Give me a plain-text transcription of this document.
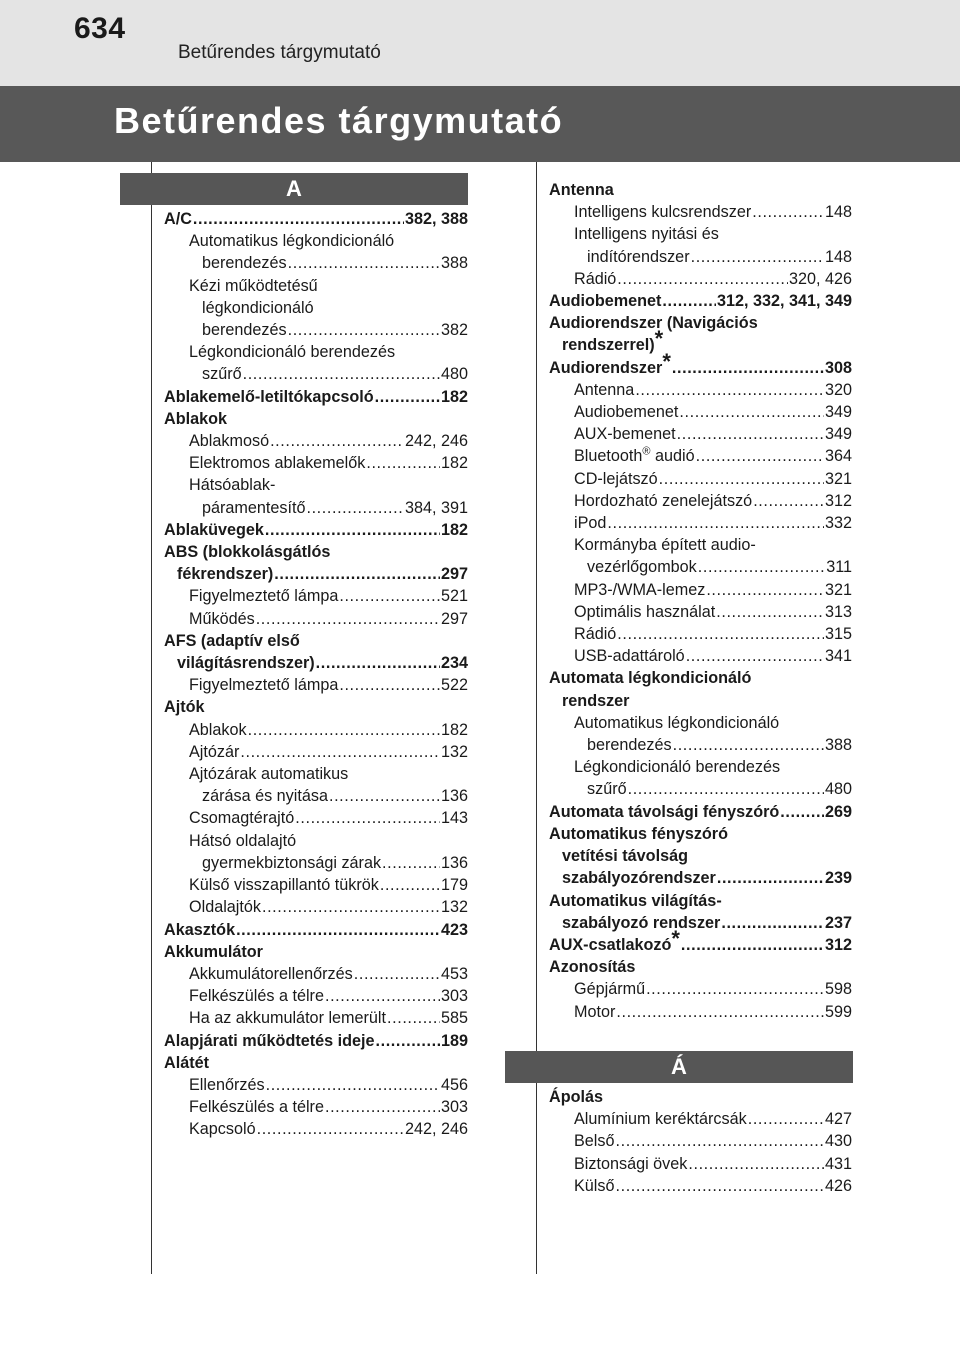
634
Betűrendes tárgymutató
Betűrendes tárgymutató
A
Á
A/C .....	382, 388
Automatikus légkondicionáló
berendezés .....	388
Kézi működtetésű
légkondicionáló
berendezés .....	382
Légkondicionáló berendezés
szűrő .....	480
Ablakemelő-letiltókapcsoló .....	182
Ablakok
Ablakmosó .....	242, 246
Elektromos ablakemelők .....	182
Hátsóablak-
páramentesítő .....	384, 391
Ablaküvegek .....	182
ABS (blokkolásgátlós
fékrendszer) .....	297
Figyelmeztető lámpa .....	521
Működés .....	297
AFS (adaptív első
világításrendszer) .....	234
Figyelmeztető lámpa .....	522
Ajtók
Ablakok .....	182
Ajtózár .....	132
Ajtózárak automatikus
zárása és nyitása .....	136
Csomagtérajtó .....	143
Hátsó oldalajtó
gyermekbiztonsági zárak .....	136
Külső visszapillantó tükrök .....	179
Oldalajtók .....	132
Akasztók .....	423
Akkumulátor
Akkumulátorellenőrzés .....	453
Felkészülés a télre .....	303
Ha az akkumulátor lemerült .....	585
Alapjárati működtetés ideje .....	189
Alátét
Ellenőrzés .....	456
Felkészülés a télre .....	303
Kapcsoló .....	242, 246
Antenna
Intelligens kulcsrendszer .....	148
Intelligens nyitási és
indítórendszer .....	148
Rádió .....	320, 426
Audiobemenet .....	312, 332, 341, 349
Audiorendszer (Navigációs
rendszerrel)*
Audiorendszer* .....	308
Antenna .....	320
Audiobemenet .....	349
AUX-bemenet .....	349
Bluetooth® audió .....	364
CD-lejátszó .....	321
Hordozható zenelejátszó .....	312
iPod .....	332
Kormányba épített audio-
vezérlőgombok .....	311
MP3-/WMA-lemez .....	321
Optimális használat .....	313
Rádió .....	315
USB-adattároló .....	341
Automata légkondicionáló
rendszer
Automatikus légkondicionáló
berendezés .....	388
Légkondicionáló berendezés
szűrő .....	480
Automata távolsági fényszóró .....	269
Automatikus fényszóró
vetítési távolság
szabályozórendszer .....	239
Automatikus világítás-
szabályozó rendszer .....	237
AUX-csatlakozó* .....	312
Azonosítás
Gépjármű .....	598
Motor .....	599
Ápolás
Alumínium keréktárcsák .....	427
Belső .....	430
Biztonsági övek .....	431
Külső .....	426
